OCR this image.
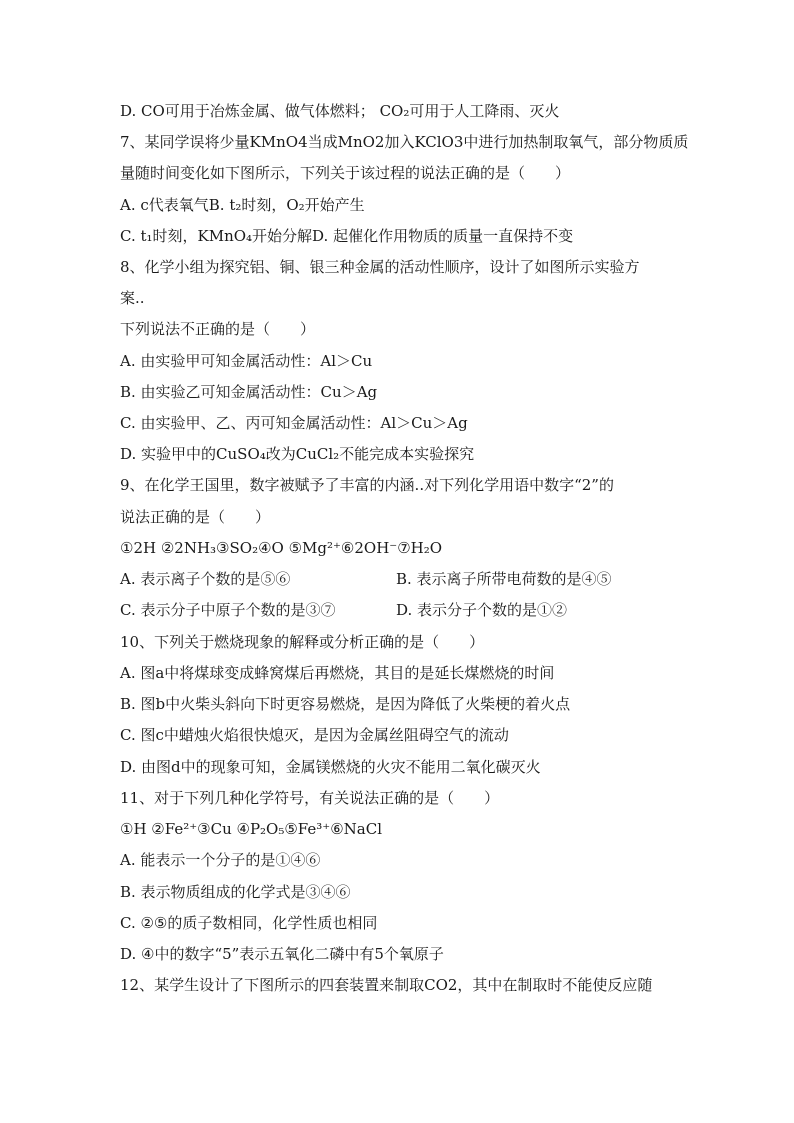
D. CO可用于冶炼金属、做气体燃料； CO₂可用于人工降雨、灭火
7、某同学误将少量KMnO4当成MnO2加入KClO3中进行加热制取氧气，部分物质质
量随时间变化如下图所示，下列关于该过程的说法正确的是（　　）
A. c代表氧气B. t₂时刻，O₂开始产生
C. t₁时刻，KMnO₄开始分解D. 起催化作用物质的质量一直保持不变
8、化学小组为探究铝、铜、银三种金属的活动性顺序，设计了如图所示实验方
案..
下列说法不正确的是（　　）
A. 由实验甲可知金属活动性：Al＞Cu
B. 由实验乙可知金属活动性：Cu＞Ag
C. 由实验甲、乙、丙可知金属活动性：Al＞Cu＞Ag
D. 实验甲中的CuSO₄改为CuCl₂不能完成本实验探究
9、在化学王国里，数字被赋予了丰富的内涵..对下列化学用语中数字“2”的
说法正确的是（　　）
①2H ②2NH₃③SO₂④O ⑤Mg²⁺⑥2OH⁻⑦H₂O
A. 表示离子个数的是⑤⑥	B. 表示离子所带电荷数的是④⑤
C. 表示分子中原子个数的是③⑦	D. 表示分子个数的是①②
10、下列关于燃烧现象的解释或分析正确的是（　　）
A. 图a中将煤球变成蜂窝煤后再燃烧，其目的是延长煤燃烧的时间
B. 图b中火柴头斜向下时更容易燃烧，是因为降低了火柴梗的着火点
C. 图c中蜡烛火焰很快熄灭，是因为金属丝阻碍空气的流动
D. 由图d中的现象可知，金属镁燃烧的火灾不能用二氧化碳灭火
11、对于下列几种化学符号，有关说法正确的是（　　）
①H ②Fe²⁺③Cu ④P₂O₅⑤Fe³⁺⑥NaCl
A. 能表示一个分子的是①④⑥
B. 表示物质组成的化学式是③④⑥
C. ②⑤的质子数相同，化学性质也相同
D. ④中的数字“5”表示五氧化二磷中有5个氧原子
12、某学生设计了下图所示的四套装置来制取CO2，其中在制取时不能使反应随
